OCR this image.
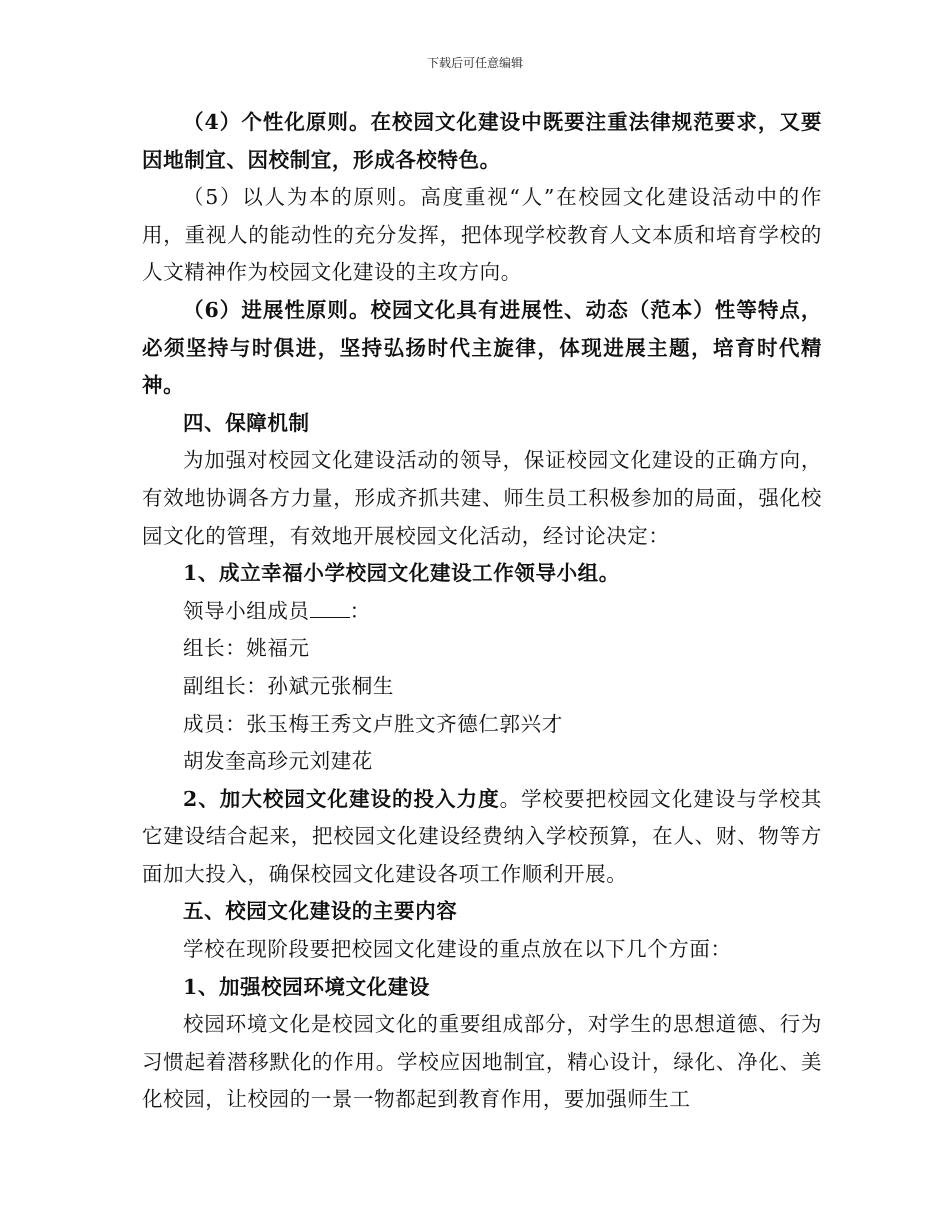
下载后可任意编辑

（4）个性化原则。在校园文化建设中既要注重法律规范要求，又要因地制宜、因校制宜，形成各校特色。

（5）以人为本的原则。高度重视“人”在校园文化建设活动中的作用，重视人的能动性的充分发挥，把体现学校教育人文本质和培育学校的人文精神作为校园文化建设的主攻方向。

（6）进展性原则。校园文化具有进展性、动态（范本）性等特点，必须坚持与时俱进，坚持弘扬时代主旋律，体现进展主题，培育时代精神。

四、保障机制

为加强对校园文化建设活动的领导，保证校园文化建设的正确方向，有效地协调各方力量，形成齐抓共建、师生员工积极参加的局面，强化校园文化的管理，有效地开展校园文化活动，经讨论决定：

1、成立幸福小学校园文化建设工作领导小组。

领导小组成员 ：

组长：姚福元

副组长：孙斌元张桐生

成员：张玉梅王秀文卢胜文齐德仁郭兴才

胡发奎高珍元刘建花

2、加大校园文化建设的投入力度。学校要把校园文化建设与学校其它建设结合起来，把校园文化建设经费纳入学校预算，在人、财、物等方面加大投入，确保校园文化建设各项工作顺利开展。

五、校园文化建设的主要内容

学校在现阶段要把校园文化建设的重点放在以下几个方面：

1、加强校园环境文化建设

校园环境文化是校园文化的重要组成部分，对学生的思想道德、行为习惯起着潜移默化的作用。学校应因地制宜，精心设计，绿化、净化、美化校园，让校园的一景一物都起到教育作用，要加强师生工
